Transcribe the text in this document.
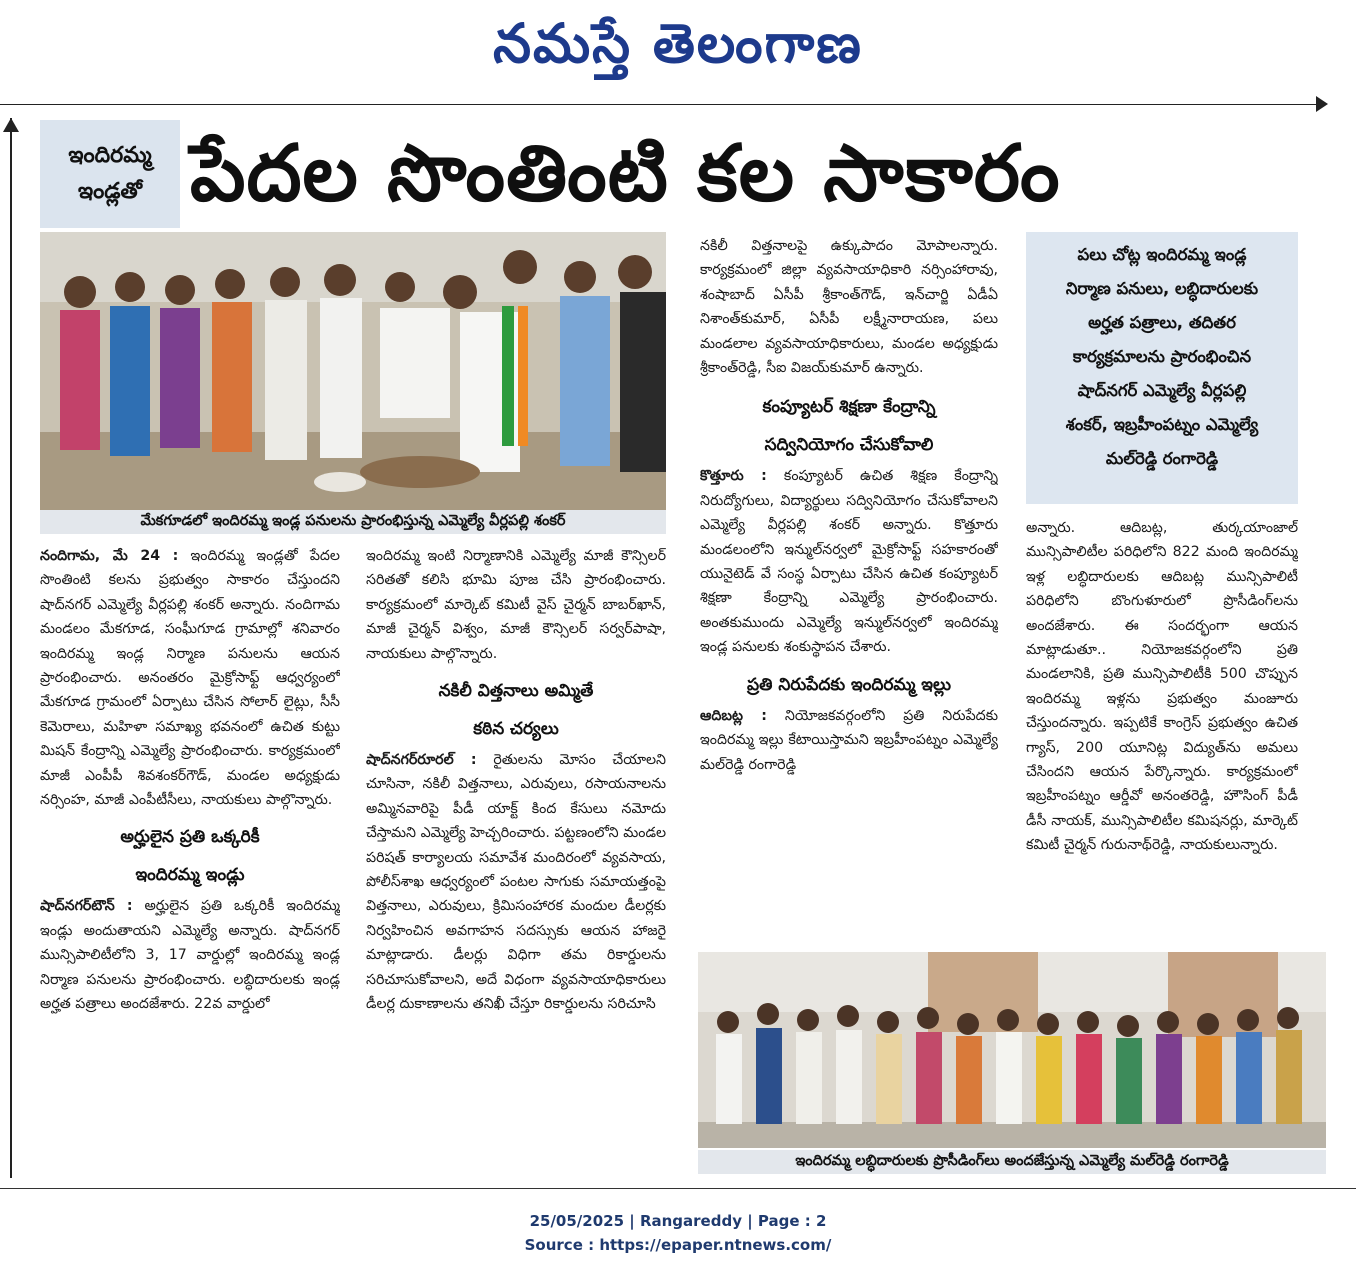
నమస్తే తెలంగాణ
ఇందిరమ్మ
ఇండ్లతో పేదల సొంతింటి కల సాకారం
మేకగూడలో ఇందిరమ్మ ఇండ్ల పనులను ప్రారంభిస్తున్న ఎమ్మెల్యే వీర్లపల్లి శంకర్
పలు చోట్ల ఇందిరమ్మ ఇండ్ల
నిర్మాణ పనులు, లబ్ధిదారులకు
అర్హత పత్రాలు, తదితర
కార్యక్రమాలను ప్రారంభించిన
షాద్‌నగర్ ఎమ్మెల్యే వీర్లపల్లి
శంకర్, ఇబ్రహీంపట్నం ఎమ్మెల్యే
మల్‌రెడ్డి రంగారెడ్డి

నందిగామ, మే 24 : ఇందిరమ్మ ఇండ్లతో పేదల సొంతింటి కలను ప్రభుత్వం సాకారం చేస్తుందని షాద్‌నగర్ ఎమ్మెల్యే వీర్లపల్లి శంకర్ అన్నారు. నందిగామ మండలం మేకగూడ, సంఘీగూడ గ్రామాల్లో శనివారం ఇందిరమ్మ ఇండ్ల నిర్మాణ పనులను ఆయన ప్రారంభించారు. అనంతరం మైక్రోసాఫ్ట్ ఆధ్వర్యంలో మేకగూడ గ్రామంలో ఏర్పాటు చేసిన సోలార్ లైట్లు, సీసీ కెమెరాలు, మహిళా సమాఖ్య భవనంలో ఉచిత కుట్టు మిషన్ కేంద్రాన్ని ఎమ్మెల్యే ప్రారంభించారు. కార్యక్రమంలో మాజీ ఎంపీపీ శివశంకర్‌గౌడ్, మండల అధ్యక్షుడు నర్సింహ, మాజీ ఎంపీటీసీలు, నాయకులు పాల్గొన్నారు.

అర్హులైన ప్రతి ఒక్కరికీ
ఇందిరమ్మ ఇండ్లు

షాద్‌నగర్‌టౌన్ : అర్హులైన ప్రతి ఒక్కరికీ ఇందిరమ్మ ఇండ్లు అందుతాయని ఎమ్మెల్యే అన్నారు. షాద్‌నగర్ మున్సిపాలిటీలోని 3, 17 వార్డుల్లో ఇందిరమ్మ ఇండ్ల నిర్మాణ పనులను ప్రారంభించారు. లబ్ధిదారులకు ఇండ్ల అర్హత పత్రాలు అందజేశారు. 22వ వార్డులో

ఇందిరమ్మ ఇంటి నిర్మాణానికి ఎమ్మెల్యే మాజీ కౌన్సిలర్ సరితతో కలిసి భూమి పూజ చేసి ప్రారంభించారు. కార్యక్రమంలో మార్కెట్ కమిటీ వైస్ చైర్మన్ బాబర్‌ఖాన్, మాజీ చైర్మన్ విశ్వం, మాజీ కౌన్సిలర్ సర్వర్‌పాషా, నాయకులు పాల్గొన్నారు.

నకిలీ విత్తనాలు అమ్మితే
కఠిన చర్యలు

షాద్‌నగర్‌రూరల్ : రైతులను మోసం చేయాలని చూసినా, నకిలీ విత్తనాలు, ఎరువులు, రసాయనాలను అమ్మినవారిపై పీడీ యాక్ట్ కింద కేసులు నమోదు చేస్తామని ఎమ్మెల్యే హెచ్చరించారు. పట్టణంలోని మండల పరిషత్ కార్యాలయ సమావేశ మందిరంలో వ్యవసాయ, పోలీస్‌శాఖ ఆధ్వర్యంలో పంటల సాగుకు సమాయత్తంపై విత్తనాలు, ఎరువులు, క్రిమిసంహారక మందుల డీలర్లకు నిర్వహించిన అవగాహన సదస్సుకు ఆయన హాజరై మాట్లాడారు. డీలర్లు విధిగా తమ రికార్డులను సరిచూసుకోవాలని, అదే విధంగా వ్యవసాయాధికారులు డీలర్ల దుకాణాలను తనిఖీ చేస్తూ రికార్డులను సరిచూసి

నకిలీ విత్తనాలపై ఉక్కుపాదం మోపాలన్నారు. కార్యక్రమంలో జిల్లా వ్యవసాయాధికారి నర్సింహారావు, శంషాబాద్ ఏసీపీ శ్రీకాంత్‌గౌడ్, ఇన్‌చార్జి ఏడీఏ నిశాంత్‌కుమార్, ఏసీపీ లక్ష్మీనారాయణ, పలు మండలాల వ్యవసాయాధికారులు, మండల అధ్యక్షుడు శ్రీకాంత్‌రెడ్డి, సీఐ విజయ్‌కుమార్ ఉన్నారు.

కంప్యూటర్ శిక్షణా కేంద్రాన్ని
సద్వినియోగం చేసుకోవాలి

కొత్తూరు : కంప్యూటర్ ఉచిత శిక్షణ కేంద్రాన్ని నిరుద్యోగులు, విద్యార్థులు సద్వినియోగం చేసుకోవాలని ఎమ్మెల్యే వీర్లపల్లి శంకర్ అన్నారు. కొత్తూరు మండలంలోని ఇన్ముల్‌నర్వలో మైక్రోసాఫ్ట్ సహకారంతో యునైటెడ్ వే సంస్థ ఏర్పాటు చేసిన ఉచిత కంప్యూటర్ శిక్షణా కేంద్రాన్ని ఎమ్మెల్యే ప్రారంభించారు. అంతకుముందు ఎమ్మెల్యే ఇన్ముల్‌నర్వలో ఇందిరమ్మ ఇండ్ల పనులకు శంకుస్థాపన చేశారు.

ప్రతి నిరుపేదకు ఇందిరమ్మ ఇల్లు

ఆదిబట్ల : నియోజకవర్గంలోని ప్రతి నిరుపేదకు ఇందిరమ్మ ఇల్లు కేటాయిస్తామని ఇబ్రహీంపట్నం ఎమ్మెల్యే మల్‌రెడ్డి రంగారెడ్డి

అన్నారు. ఆదిబట్ల, తుర్కయాంజాల్ మున్సిపాలిటీల పరిధిలోని 822 మంది ఇందిరమ్మ ఇళ్ల లబ్ధిదారులకు ఆదిబట్ల మున్సిపాలిటీ పరిధిలోని బొంగుళూరులో ప్రొసీడింగ్‌లను అందజేశారు. ఈ సందర్భంగా ఆయన మాట్లాడుతూ.. నియోజకవర్గంలోని ప్రతి మండలానికి, ప్రతి మున్సిపాలిటీకి 500 చొప్పున ఇందిరమ్మ ఇళ్లను ప్రభుత్వం మంజూరు చేస్తుందన్నారు. ఇప్పటికే కాంగ్రెస్ ప్రభుత్వం ఉచిత గ్యాస్, 200 యూనిట్ల విద్యుత్‌ను అమలు చేసిందని ఆయన పేర్కొన్నారు. కార్యక్రమంలో ఇబ్రహీంపట్నం ఆర్డీవో అనంతరెడ్డి, హౌసింగ్ పీడీ డీసీ నాయక్, మున్సిపాలిటీల కమిషనర్లు, మార్కెట్ కమిటీ చైర్మన్ గురునాథ్‌రెడ్డి, నాయకులున్నారు.

ఇందిరమ్మ లబ్ధిదారులకు ప్రొసీడింగ్‌లు అందజేస్తున్న ఎమ్మెల్యే మల్‌రెడ్డి రంగారెడ్డి
25/05/2025 | Rangareddy | Page : 2
Source : https://epaper.ntnews.com/
